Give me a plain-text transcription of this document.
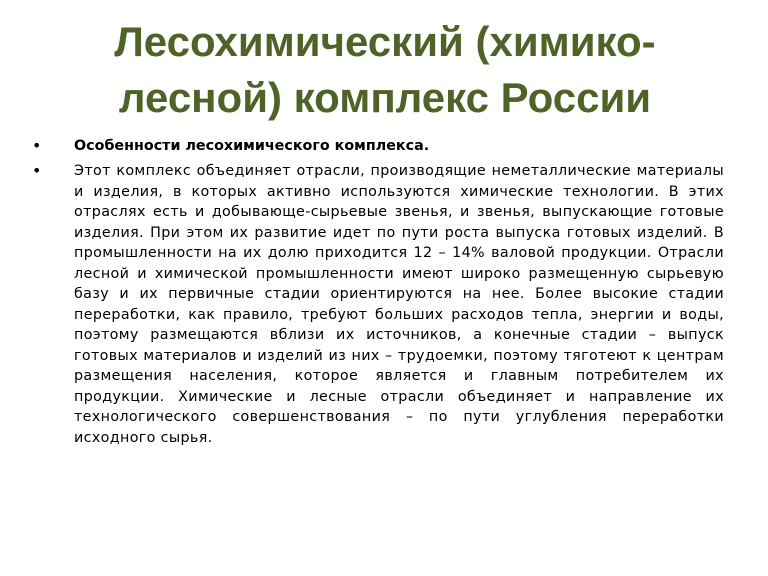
Лесохимический (химико-
лесной) комплекс России
• Особенности лесохимического комплекса.
• Этот комплекс объединяет отрасли, производящие неметаллические материалы и изделия, в которых активно используются химические технологии. В этих отраслях есть и добывающе-сырьевые звенья, и звенья, выпускающие готовые изделия. При этом их развитие идет по пути роста выпуска готовых изделий. В промышленности на их долю приходится 12 – 14% валовой продукции. Отрасли лесной и химической промышленности имеют широко размещенную сырьевую базу и их первичные стадии ориентируются на нее. Более высокие стадии переработки, как правило, требуют больших расходов тепла, энергии и воды, поэтому размещаются вблизи их источников, а конечные стадии – выпуск готовых материалов и изделий из них – трудоемки, поэтому тяготеют к центрам размещения населения, которое является и главным потребителем их продукции. Химические и лесные отрасли объединяет и направление их технологического совершенствования – по пути углубления переработки исходного сырья.
